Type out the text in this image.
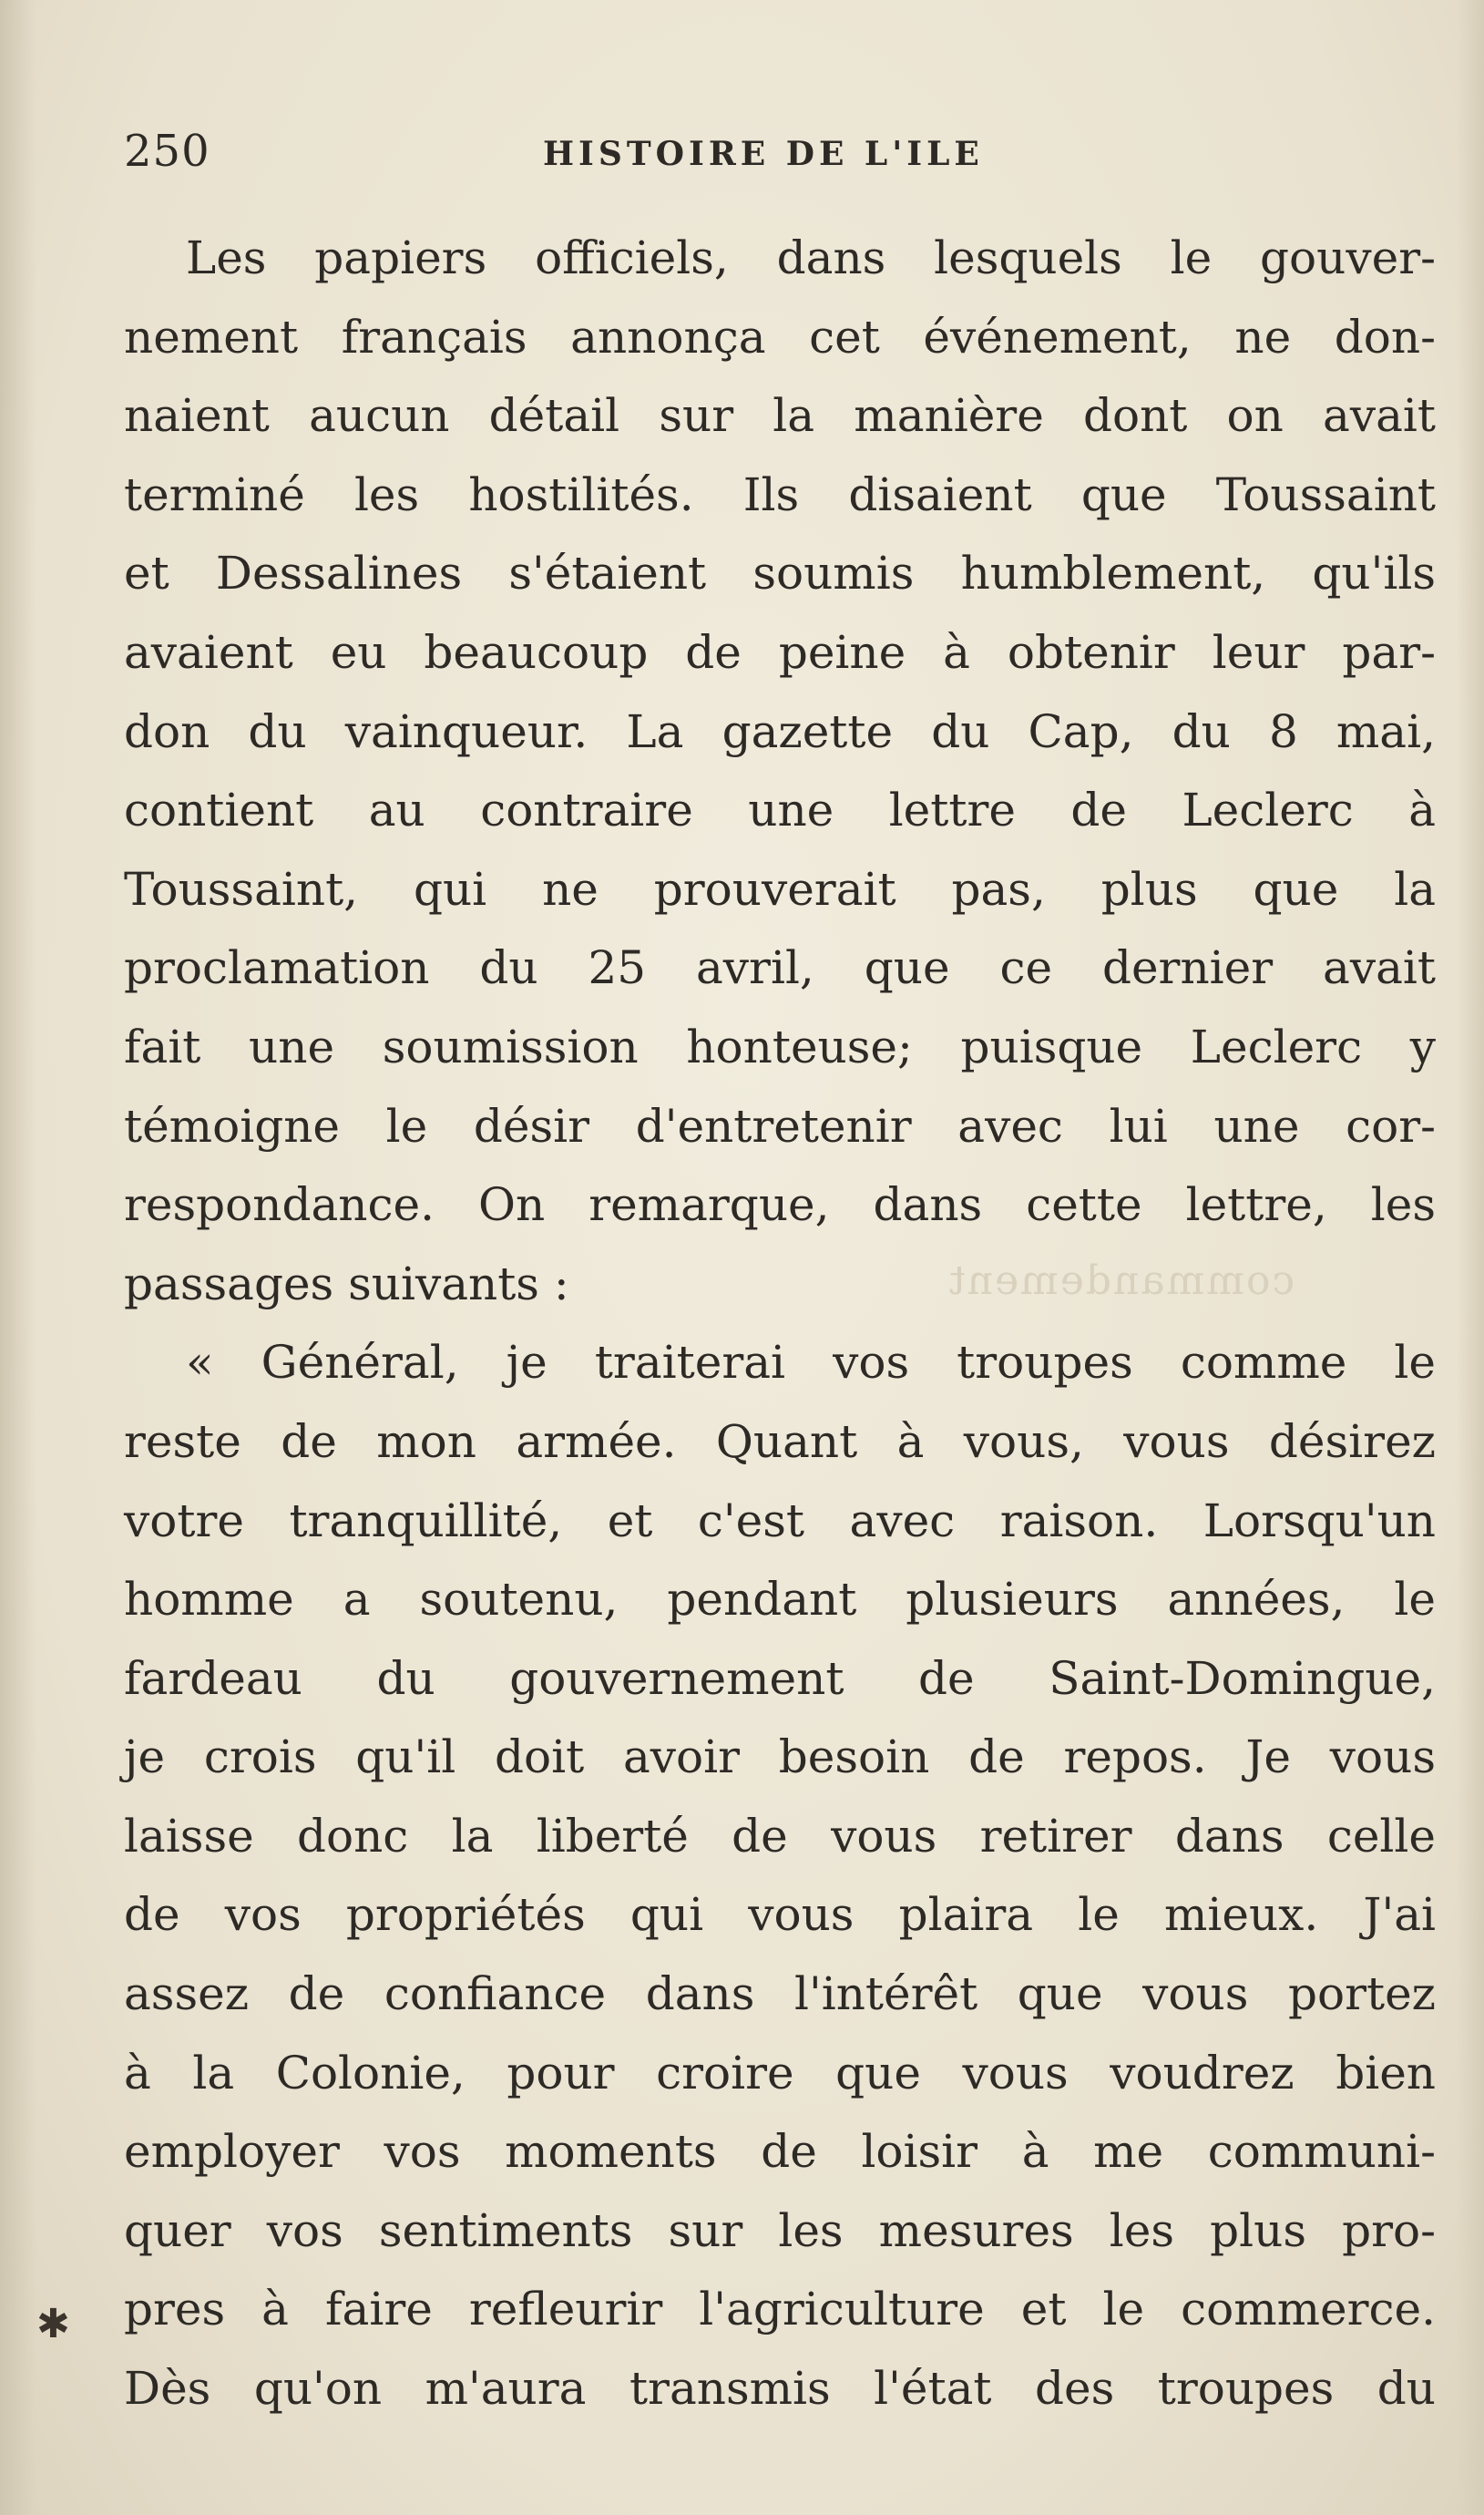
250	HISTOIRE DE L'ILE
commandement
Les papiers officiels, dans lesquels le gouver-
nement français annonça cet événement, ne don-
naient aucun détail sur la manière dont on avait
terminé les hostilités. Ils disaient que Toussaint
et Dessalines s'étaient soumis humblement, qu'ils
avaient eu beaucoup de peine à obtenir leur par-
don du vainqueur. La gazette du Cap, du 8 mai,
contient au contraire une lettre de Leclerc à
Toussaint, qui ne prouverait pas, plus que la
proclamation du 25 avril, que ce dernier avait
fait une soumission honteuse; puisque Leclerc y
témoigne le désir d'entretenir avec lui une cor-
respondance. On remarque, dans cette lettre, les
passages suivants :
« Général, je traiterai vos troupes comme le
reste de mon armée. Quant à vous, vous désirez
votre tranquillité, et c'est avec raison. Lorsqu'un
homme a soutenu, pendant plusieurs années, le
fardeau du gouvernement de Saint-Domingue,
je crois qu'il doit avoir besoin de repos. Je vous
laisse donc la liberté de vous retirer dans celle
de vos propriétés qui vous plaira le mieux. J'ai
assez de confiance dans l'intérêt que vous portez
à la Colonie, pour croire que vous voudrez bien
employer vos moments de loisir à me communi-
quer vos sentiments sur les mesures les plus pro-
pres à faire refleurir l'agriculture et le commerce.
Dès qu'on m'aura transmis l'état des troupes du
✱
